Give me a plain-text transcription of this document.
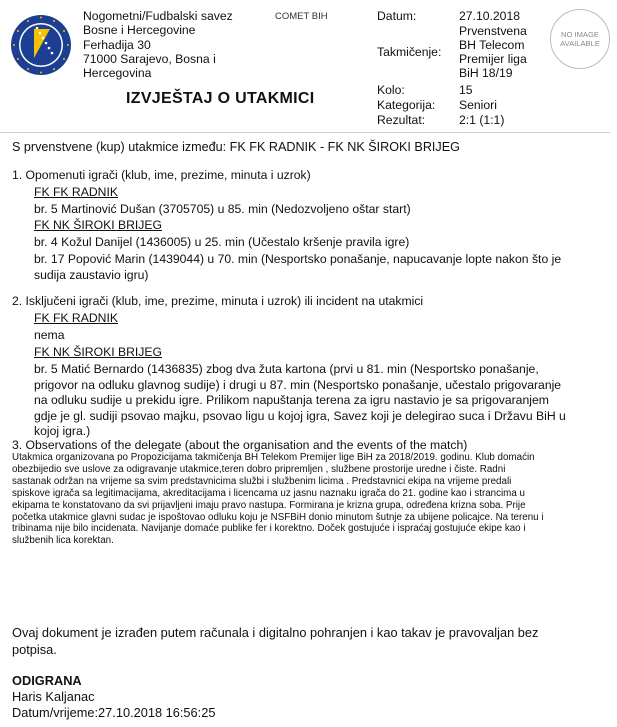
Nogometni/Fudbalski savez
Bosne i Hercegovine
Ferhadija 30
71000 Sarajevo, Bosna i
Hercegovina
COMET BIH
IZVJEŠTAJ O UTAKMICI
Datum:	27.10.2018
Takmičenje:
Prvenstvena
BH Telecom
Premijer liga
BiH 18/19
Kolo:	15
Kategorija: Seniori
Rezultat:	2:1 (1:1)
NO IMAGE
AVAILABLE
S prvenstvene (kup) utakmice između: FK FK RADNIK - FK NK ŠIROKI BRIJEG
1. Opomenuti igrači (klub, ime, prezime, minuta i uzrok)
FK FK RADNIK
br. 5 Martinović Dušan (3705705) u 85. min (Nedozvoljeno oštar start)
FK NK ŠIROKI BRIJEG
br. 4 Kožul Danijel (1436005) u 25. min (Učestalo kršenje pravila igre)
br. 17 Popović Marin (1439044) u 70. min (Nesportsko ponašanje, napucavanje lopte nakon što je
sudija zaustavio igru)
2. Isključeni igrači (klub, ime, prezime, minuta i uzrok) ili incident na utakmici
FK FK RADNIK
nema
FK NK ŠIROKI BRIJEG
br. 5 Matić Bernardo (1436835) zbog dva žuta kartona (prvi u 81. min (Nesportsko ponašanje,
prigovor na odluku glavnog sudije) i drugi u 87. min (Nesportsko ponašanje, učestalo prigovaranje
na odluku sudije u prekidu igre. Prilikom napuštanja terena za igru nastavio je sa prigovaranjem
gdje je gl. sudiji psovao majku, psovao ligu u kojoj igra, Savez koji je delegirao suca i Državu BiH u
kojoj igra.)
3. Observations of the delegate (about the organisation and the events of the match)
Utakmica organizovana po Propozicijama takmičenja BH Telekom Premijer lige BiH za 2018/2019. godinu. Klub domaćin
obezbijedio sve uslove za odigravanje utakmice,teren dobro pripremljen , službene prostorije uredne i čiste. Radni
sastanak održan na vrijeme sa svim predstavnicima službi i službenim licima . Predstavnici ekipa na vrijeme predali
spiskove igrača sa legitimacijama, akreditacijama i licencama uz jasnu naznaku igrača do 21. godine kao i strancima u
ekipama te konstatovano da svi prijavljeni imaju pravo nastupa. Formirana je krizna grupa, određena krizna soba. Prije
početka utakmice glavni sudac je ispoštovao odluku koju je NSFBiH donio minutom šutnje za ubijene policajce. Na terenu i
tribinama nije bilo incidenata. Navijanje domaće publike fer i korektno. Doček gostujuće i ispraćaj gostujuće ekipe kao i
službenih lica korektan.
Ovaj dokument je izrađen putem računala i digitalno pohranjen i kao takav je pravovaljan bez
potpisa.
ODIGRANA
Haris Kaljanac
Datum/vrijeme:27.10.2018 16:56:25
